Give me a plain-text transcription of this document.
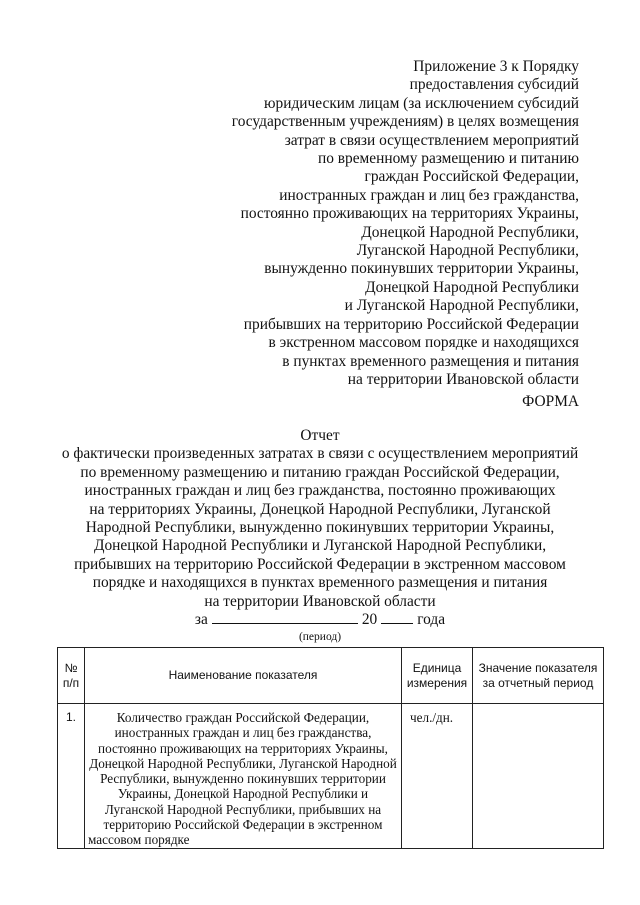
Приложение 3 к Порядку
предоставления субсидий
юридическим лицам (за исключением субсидий
государственным учреждениям) в целях возмещения
затрат в связи осуществлением мероприятий
по временному размещению и питанию
граждан Российской Федерации,
иностранных граждан и лиц без гражданства,
постоянно проживающих на территориях Украины,
Донецкой Народной Республики,
Луганской Народной Республики,
вынужденно покинувших территории Украины,
Донецкой Народной Республики
и Луганской Народной Республики,
прибывших на территорию Российской Федерации
в экстренном массовом порядке и находящихся
в пунктах временного размещения и питания
на территории Ивановской области
ФОРМА
Отчет
о фактически произведенных затратах в связи с осуществлением мероприятий
по временному размещению и питанию граждан Российской Федерации,
иностранных граждан и лиц без гражданства, постоянно проживающих
на территориях Украины, Донецкой Народной Республики, Луганской
Народной Республики, вынужденно покинувших территории Украины,
Донецкой Народной Республики и Луганской Народной Республики,
прибывших на территорию Российской Федерации в экстренном массовом
порядке и находящихся в пунктах временного размещения и питания
на территории Ивановской области
за	20	года
(период)
№ п/п	Наименование показателя	Единица измерения	Значение показателя за отчетный период
1.	Количество граждан Российской Федерации, иностранных граждан и лиц без гражданства, постоянно проживающих на территориях Украины, Донецкой Народной Республики, Луганской Народной Республики, вынужденно покинувших территории Украины, Донецкой Народной Республики и Луганской Народной Республики, прибывших на территорию Российской Федерации в экстренном массовом порядке	чел./дн.	
